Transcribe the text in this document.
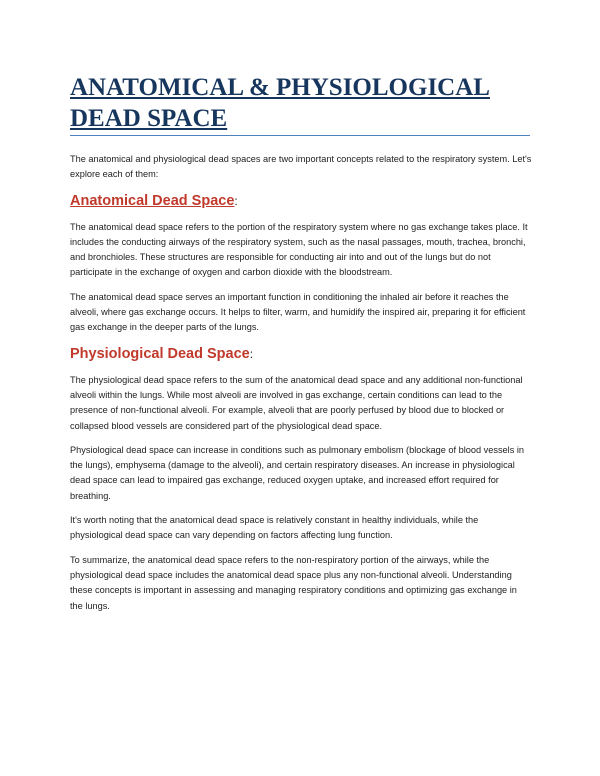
ANATOMICAL & PHYSIOLOGICAL DEAD SPACE

The anatomical and physiological dead spaces are two important concepts related to the respiratory system. Let's explore each of them:

Anatomical Dead Space:

The anatomical dead space refers to the portion of the respiratory system where no gas exchange takes place. It includes the conducting airways of the respiratory system, such as the nasal passages, mouth, trachea, bronchi, and bronchioles. These structures are responsible for conducting air into and out of the lungs but do not participate in the exchange of oxygen and carbon dioxide with the bloodstream.

The anatomical dead space serves an important function in conditioning the inhaled air before it reaches the alveoli, where gas exchange occurs. It helps to filter, warm, and humidify the inspired air, preparing it for efficient gas exchange in the deeper parts of the lungs.

Physiological Dead Space:

The physiological dead space refers to the sum of the anatomical dead space and any additional non-functional alveoli within the lungs. While most alveoli are involved in gas exchange, certain conditions can lead to the presence of non-functional alveoli. For example, alveoli that are poorly perfused by blood due to blocked or collapsed blood vessels are considered part of the physiological dead space.

Physiological dead space can increase in conditions such as pulmonary embolism (blockage of blood vessels in the lungs), emphysema (damage to the alveoli), and certain respiratory diseases. An increase in physiological dead space can lead to impaired gas exchange, reduced oxygen uptake, and increased effort required for breathing.

It's worth noting that the anatomical dead space is relatively constant in healthy individuals, while the physiological dead space can vary depending on factors affecting lung function.

To summarize, the anatomical dead space refers to the non-respiratory portion of the airways, while the physiological dead space includes the anatomical dead space plus any non-functional alveoli. Understanding these concepts is important in assessing and managing respiratory conditions and optimizing gas exchange in the lungs.
